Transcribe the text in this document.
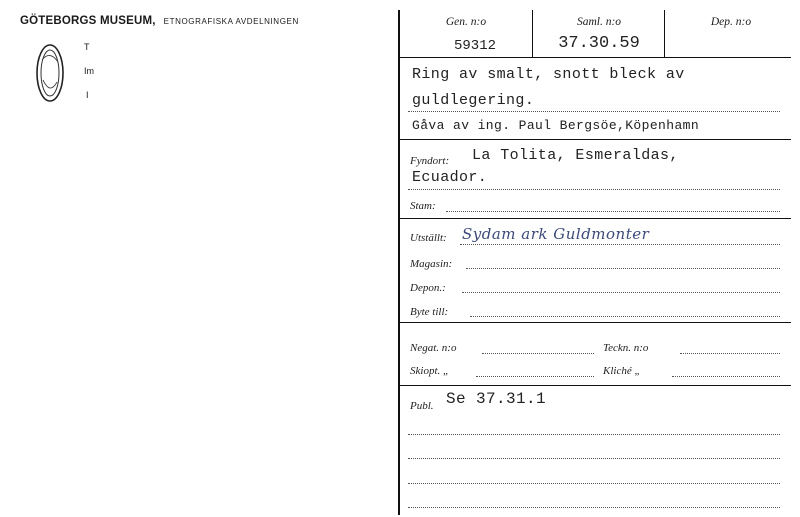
GÖTEBORGS MUSEUM, ETNOGRAFISKA AVDELNINGEN
T
Im
I
Gen. n:o	Saml. n:o	Dep. n:o
59312	37.30.59
Ring av smalt, snott bleck av
guldlegering.
Gåva av ing. Paul Bergsöe,Köpenhamn
Fyndort: La Tolita, Esmeraldas,
Ecuador.
Stam:
Utställt: Sydam ark Guldmonter
Magasin:
Depon.:
Byte till:
Negat. n:o	Teckn. n:o
Skiopt. „	Kliché „
Publ. Se 37.31.1
